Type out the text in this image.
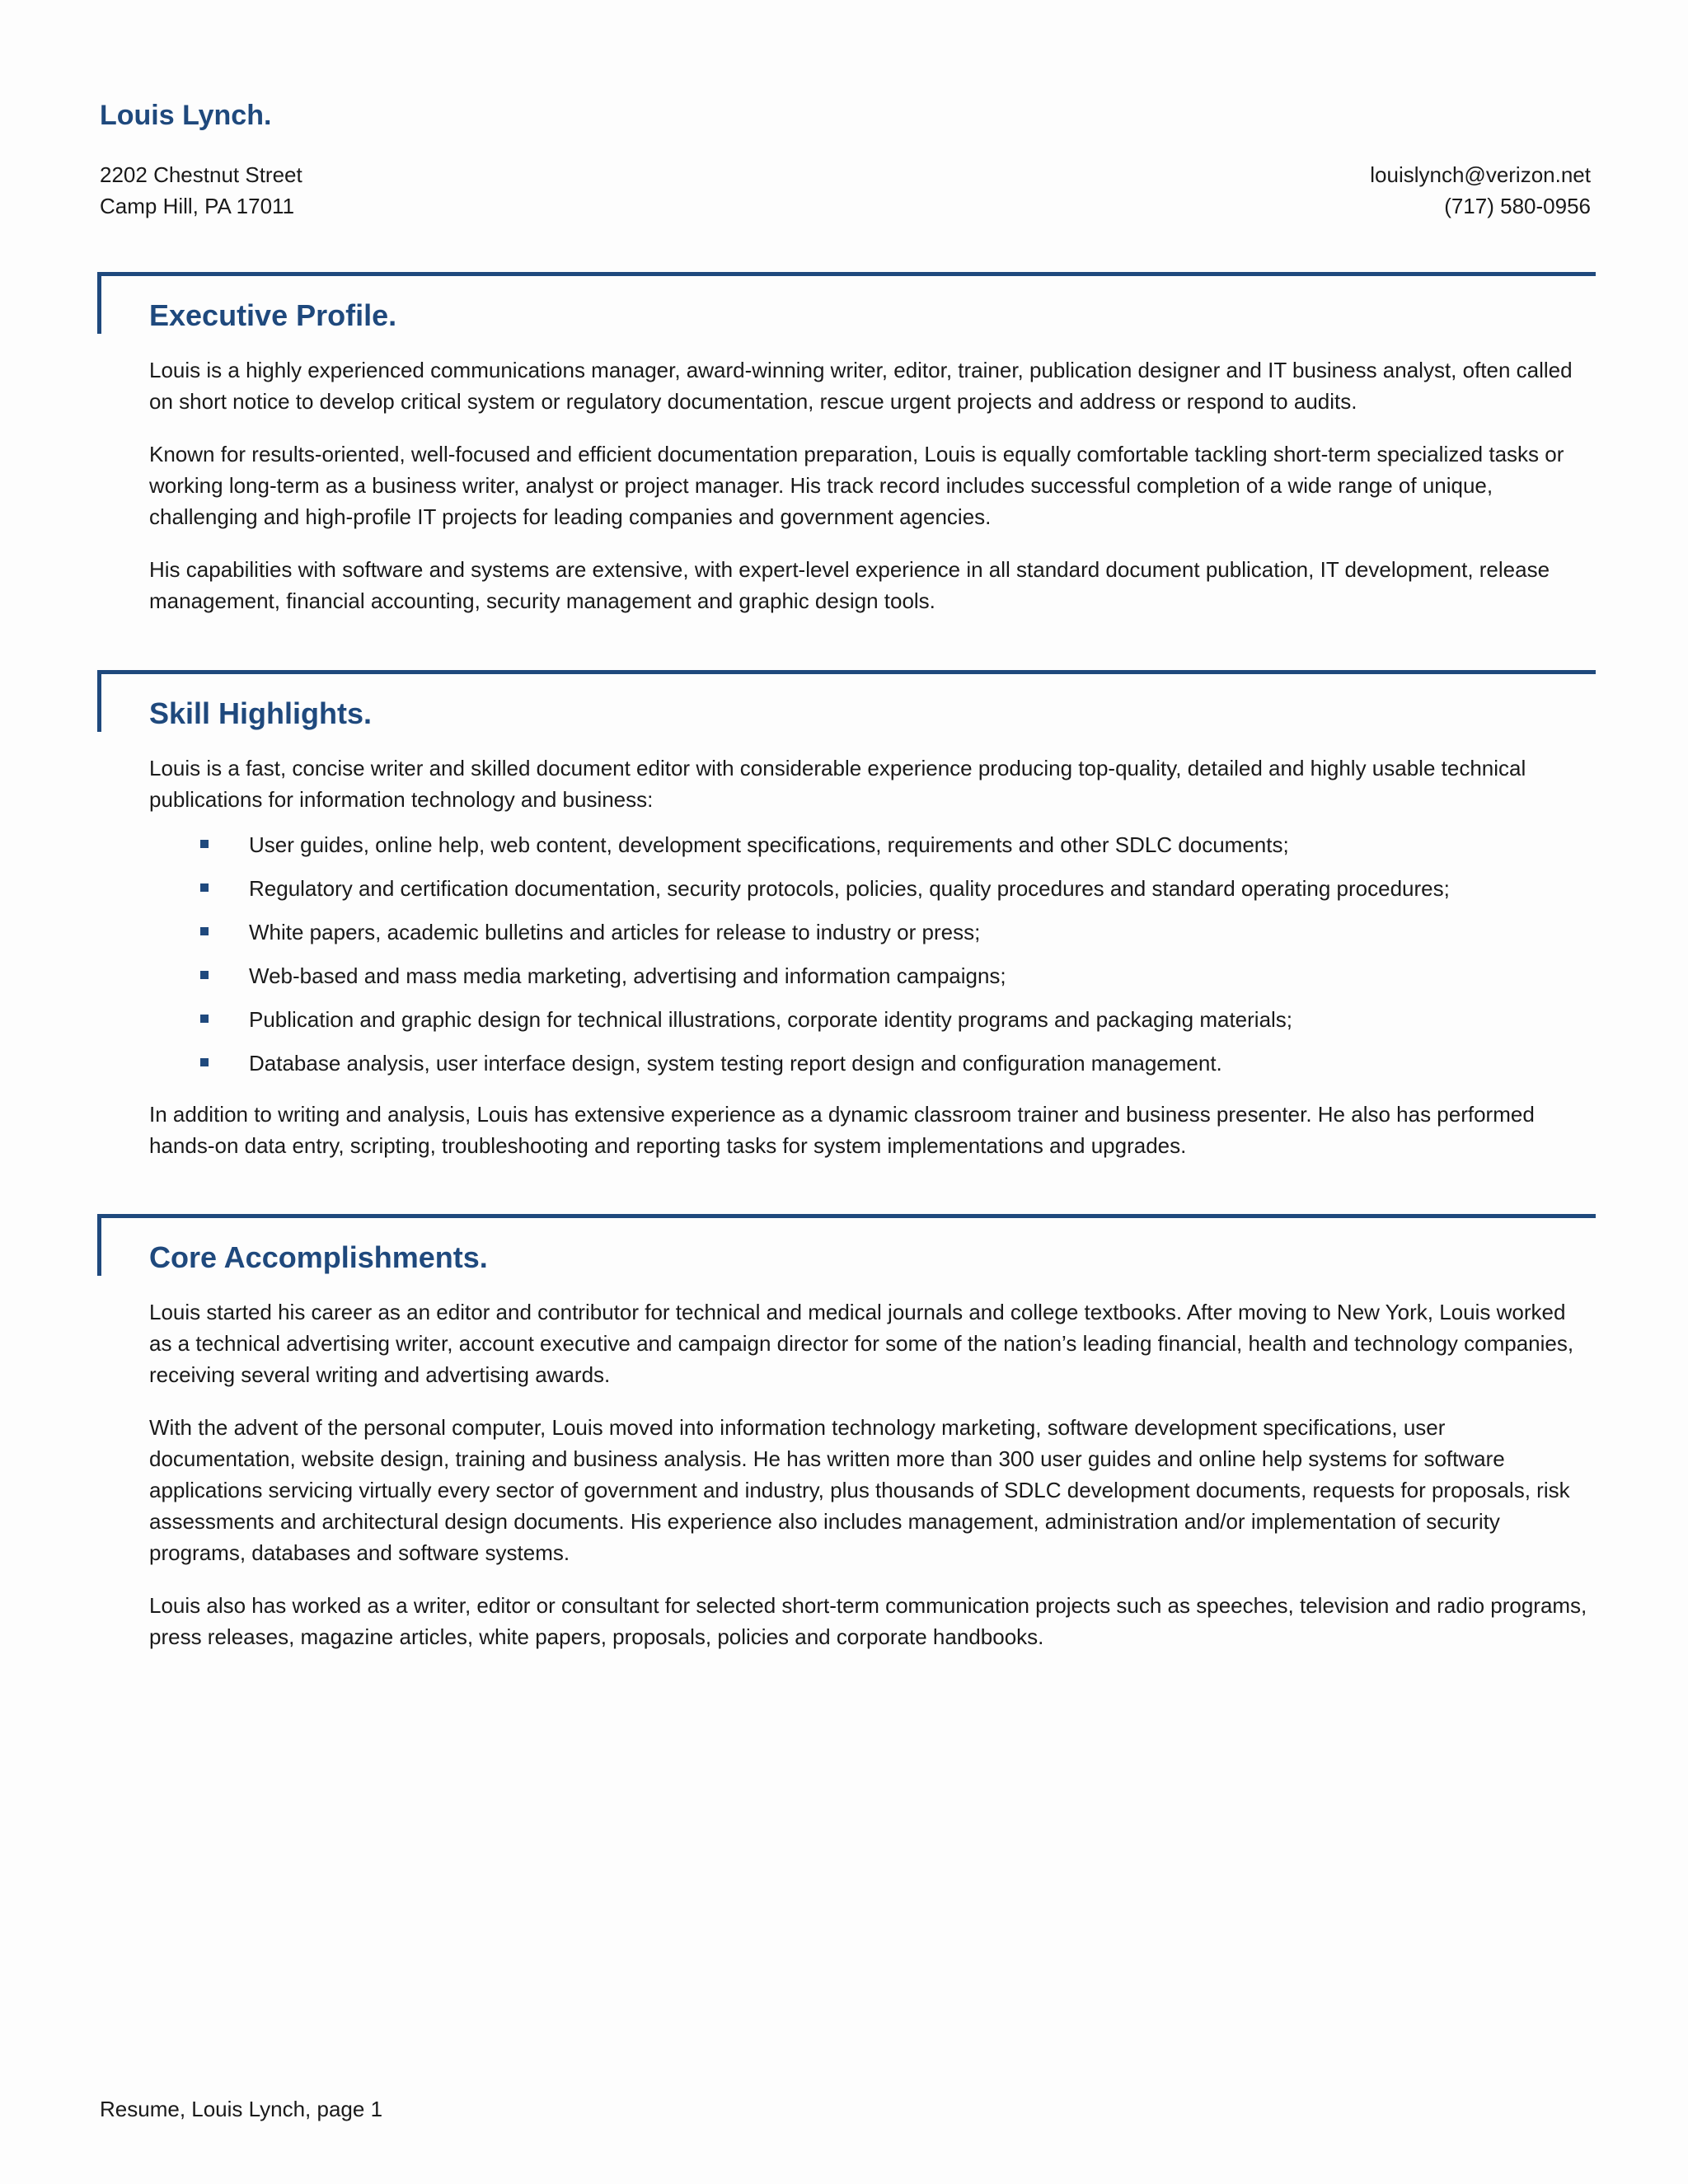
Louis Lynch.
2202 Chestnut Street
Camp Hill, PA 17011
louislynch@verizon.net
(717) 580-0956
Executive Profile.

Louis is a highly experienced communications manager, award-winning writer, editor, trainer, publication designer and IT business analyst, often called on short notice to develop critical system or regulatory documentation, rescue urgent projects and address or respond to audits.

Known for results-oriented, well-focused and efficient documentation preparation, Louis is equally comfortable tackling short-term specialized tasks or working long-term as a business writer, analyst or project manager. His track record includes successful completion of a wide range of unique, challenging and high-profile IT projects for leading companies and government agencies.

His capabilities with software and systems are extensive, with expert-level experience in all standard document publication, IT development, release management, financial accounting, security management and graphic design tools.

Skill Highlights.

Louis is a fast, concise writer and skilled document editor with considerable experience producing top-quality, detailed and highly usable technical publications for information technology and business:

User guides, online help, web content, development specifications, requirements and other SDLC documents;
Regulatory and certification documentation, security protocols, policies, quality procedures and standard operating procedures;
White papers, academic bulletins and articles for release to industry or press;
Web-based and mass media marketing, advertising and information campaigns;
Publication and graphic design for technical illustrations, corporate identity programs and packaging materials;
Database analysis, user interface design, system testing report design and configuration management.

In addition to writing and analysis, Louis has extensive experience as a dynamic classroom trainer and business presenter. He also has performed hands-on data entry, scripting, troubleshooting and reporting tasks for system implementations and upgrades.

Core Accomplishments.

Louis started his career as an editor and contributor for technical and medical journals and college textbooks. After moving to New York, Louis worked as a technical advertising writer, account executive and campaign director for some of the nation’s leading financial, health and technology companies, receiving several writing and advertising awards.

With the advent of the personal computer, Louis moved into information technology marketing, software development specifications, user documentation, website design, training and business analysis. He has written more than 300 user guides and online help systems for software applications servicing virtually every sector of government and industry, plus thousands of SDLC development documents, requests for proposals, risk assessments and architectural design documents. His experience also includes management, administration and/or implementation of security programs, databases and software systems.

Louis also has worked as a writer, editor or consultant for selected short-term communication projects such as speeches, television and radio programs, press releases, magazine articles, white papers, proposals, policies and corporate handbooks.

Resume, Louis Lynch, page 1
